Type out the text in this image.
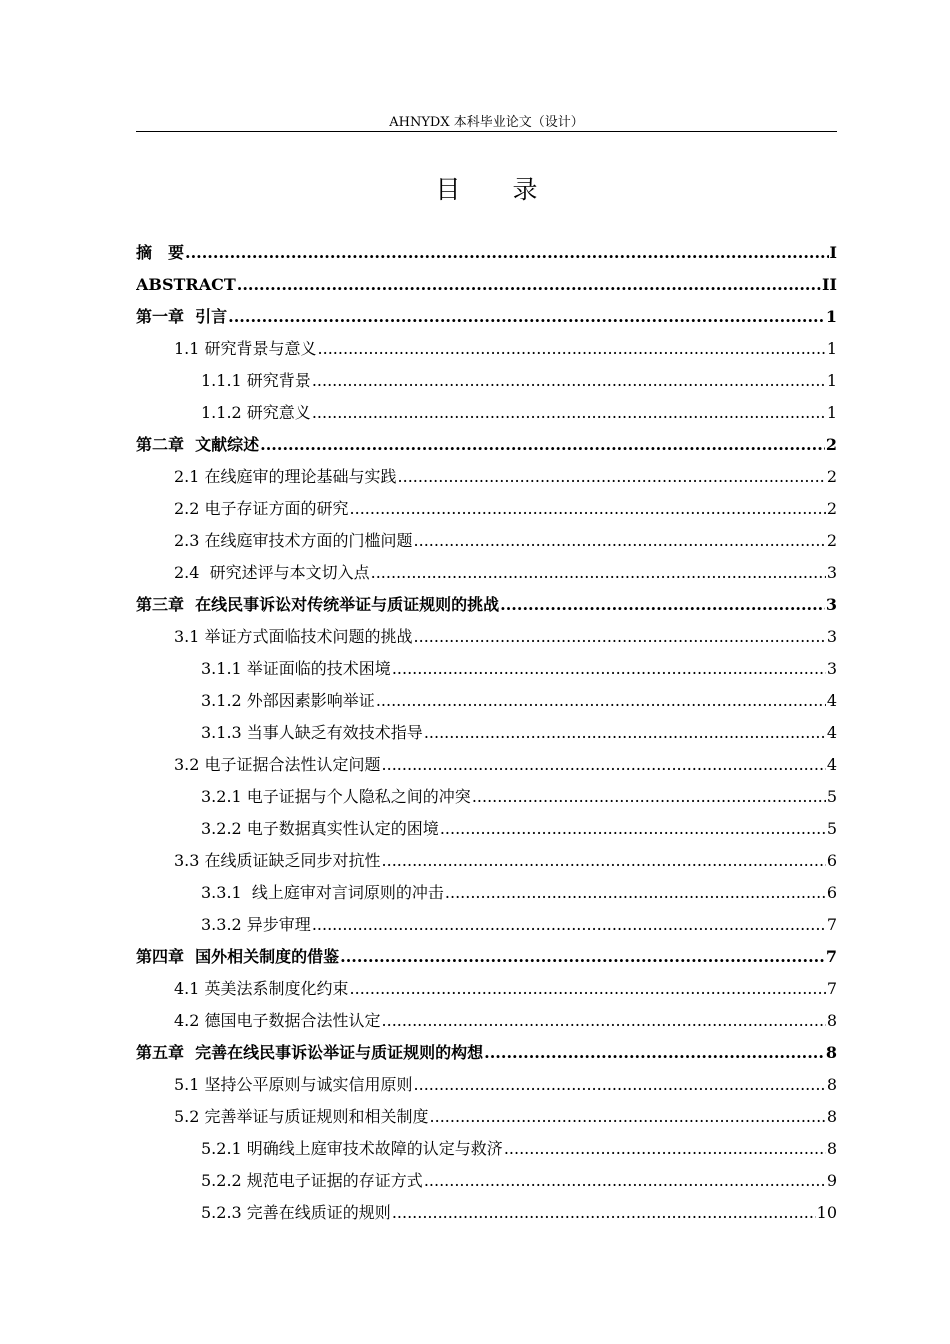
AHNYDX 本科毕业论文（设计）
目 录
摘　要 .....	I
ABSTRACT .....	II
第一章  引言 .....	1
1.1 研究背景与意义 .....	1
1.1.1 研究背景 .....	1
1.1.2 研究意义 .....	1
第二章  文献综述 .....	2
2.1 在线庭审的理论基础与实践 .....	2
2.2 电子存证方面的研究 .....	2
2.3 在线庭审技术方面的门槛问题 .....	2
2.4  研究述评与本文切入点 .....	3
第三章  在线民事诉讼对传统举证与质证规则的挑战 .....	3
3.1 举证方式面临技术问题的挑战 .....	3
3.1.1 举证面临的技术困境 .....	3
3.1.2 外部因素影响举证 .....	4
3.1.3 当事人缺乏有效技术指导 .....	4
3.2 电子证据合法性认定问题 .....	4
3.2.1 电子证据与个人隐私之间的冲突 .....	5
3.2.2 电子数据真实性认定的困境 .....	5
3.3 在线质证缺乏同步对抗性 .....	6
3.3.1  线上庭审对言词原则的冲击 .....	6
3.3.2 异步审理 .....	7
第四章  国外相关制度的借鉴 .....	7
4.1 英美法系制度化约束 .....	7
4.2 德国电子数据合法性认定 .....	8
第五章  完善在线民事诉讼举证与质证规则的构想 .....	8
5.1 坚持公平原则与诚实信用原则 .....	8
5.2 完善举证与质证规则和相关制度 .....	8
5.2.1 明确线上庭审技术故障的认定与救济 .....	8
5.2.2 规范电子证据的存证方式 .....	9
5.2.3 完善在线质证的规则 .....	10
